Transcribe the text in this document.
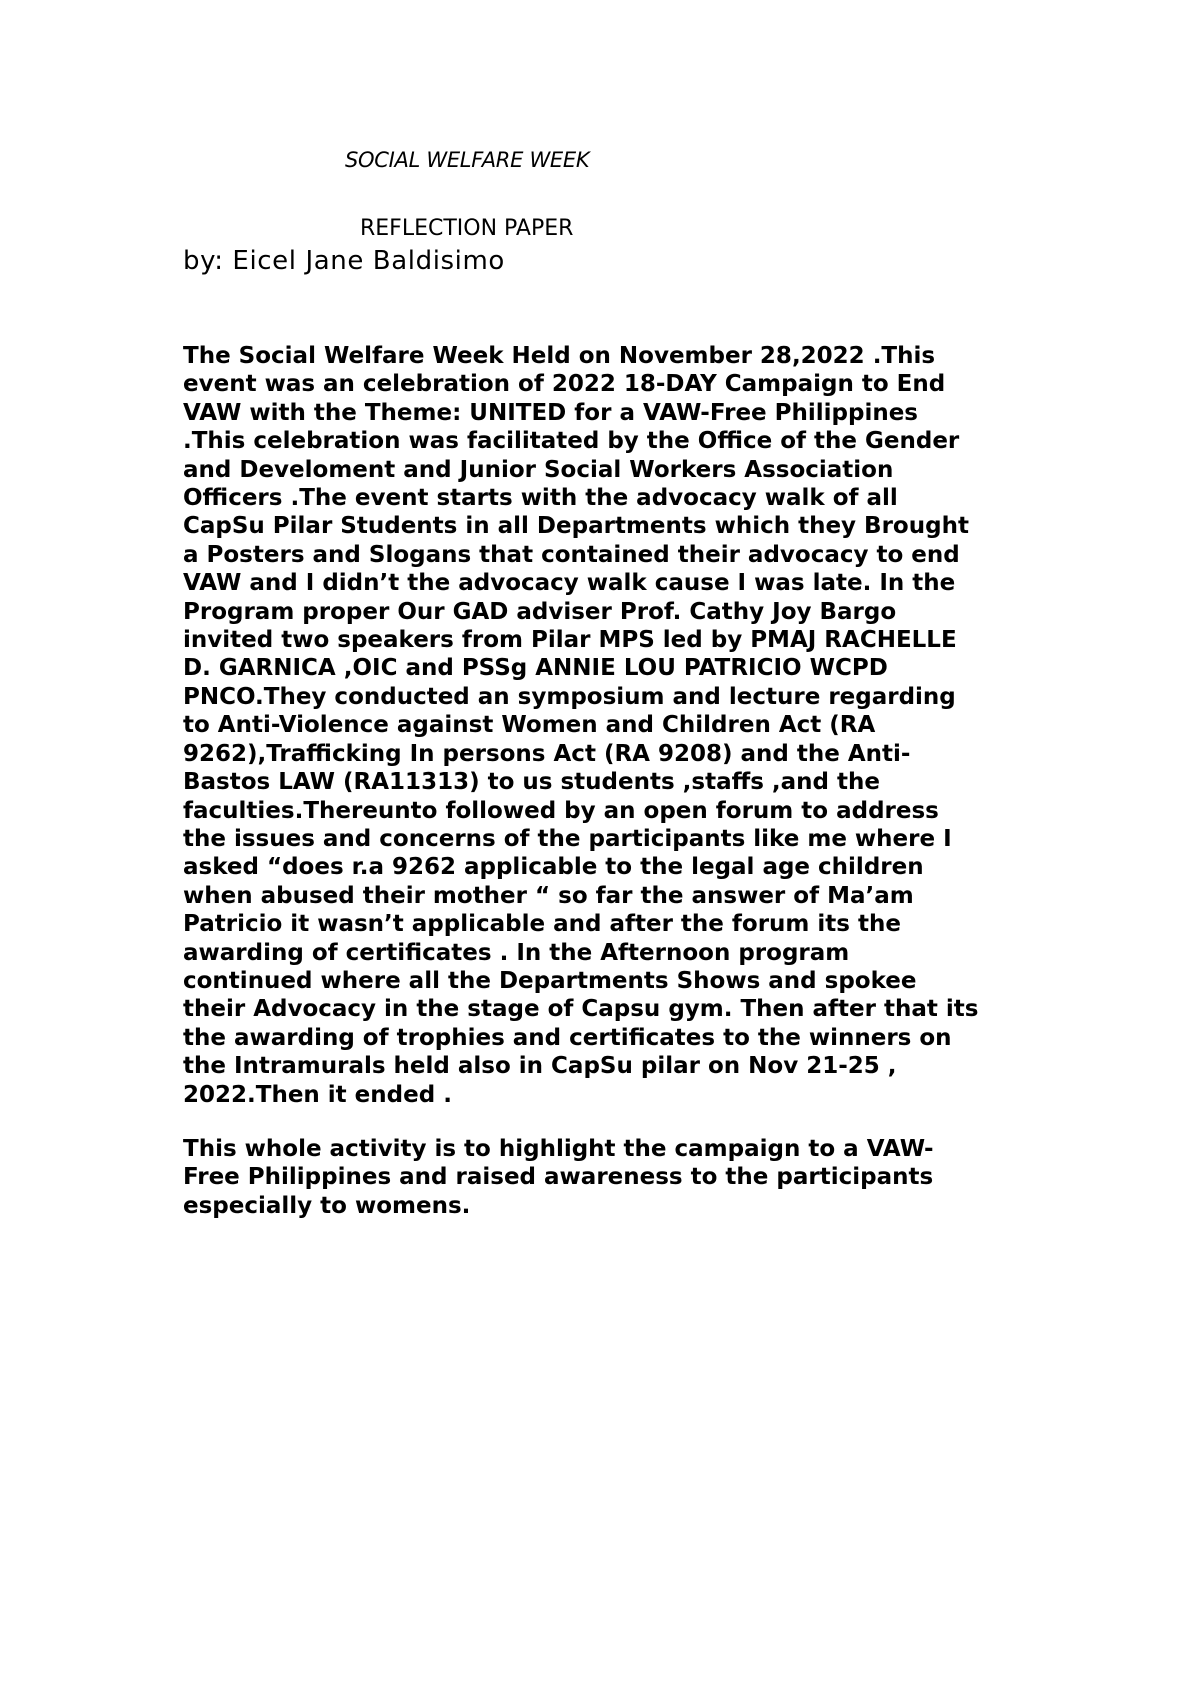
SOCIAL WELFARE WEEK
REFLECTION PAPER
by: Eicel Jane Baldisimo
The Social Welfare Week Held on November 28,2022 .This
event was an celebration of 2022 18-DAY Campaign to End
VAW with the Theme: UNITED for a VAW-Free Philippines
.This celebration was facilitated by the Office of the Gender
and Develoment and Junior Social Workers Association
Officers .The event starts with the advocacy walk of all
CapSu Pilar Students in all Departments which they Brought
a Posters and Slogans that contained their advocacy to end
VAW and I didn’t the advocacy walk cause I was late. In the
Program proper Our GAD adviser Prof. Cathy Joy Bargo
invited two speakers from Pilar MPS led by PMAJ RACHELLE
D. GARNICA ,OIC and PSSg ANNIE LOU PATRICIO WCPD
PNCO.They conducted an symposium and lecture regarding
to Anti-Violence against Women and Children Act (RA
9262),Trafficking In persons Act (RA 9208) and the Anti-
Bastos LAW (RA11313) to us students ,staffs ,and the
faculties.Thereunto followed by an open forum to address
the issues and concerns of the participants like me where I
asked “does r.a 9262 applicable to the legal age children
when abused their mother “ so far the answer of Ma’am
Patricio it wasn’t applicable and after the forum its the
awarding of certificates . In the Afternoon program
continued where all the Departments Shows and spokee
their Advocacy in the stage of Capsu gym. Then after that its
the awarding of trophies and certificates to the winners on
the Intramurals held also in CapSu pilar on Nov 21-25 ,
2022.Then it ended .
This whole activity is to highlight the campaign to a VAW-
Free Philippines and raised awareness to the participants
especially to womens.
